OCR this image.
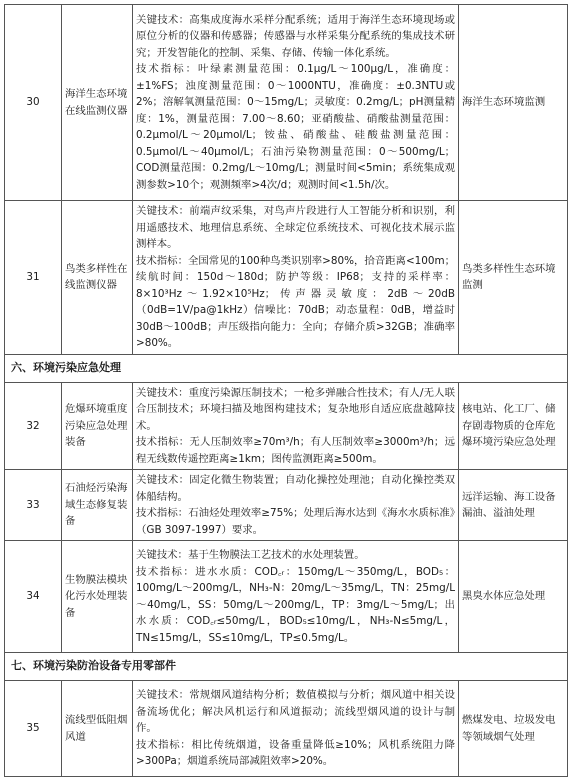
30	海洋生态环境在线监测仪器	关键技术：高集成度海水采样分配系统；适用于海洋生态环境现场或原位分析的仪器和传感器；传感器与水样采集分配系统的集成技术研究；开发智能化的控制、采集、存储、传输一体化系统。
技术指标：叶绿素测量范围：0.1μg/L～100μg/L，准确度：±1%FS；浊度测量范围：0～1000NTU，准确度：±0.3NTU或2%；溶解氧测量范围：0～15mg/L；灵敏度：0.2mg/L；pH测量精度：1%，测量范围：7.00～8.60；亚硝酸盐、硝酸盐测量范围：0.2μmol/L～20μmol/L；铵盐、硝酸盐、硅酸盐测量范围：0.5μmol/L～40μmol/L；石油污染物测量范围：0～500mg/L；COD测量范围：0.2mg/L～10mg/L；测量时间<5min；系统集成观测参数>10个；观测频率>4次/d；观测时间<1.5h/次。	海洋生态环境监测
31	鸟类多样性在线监测仪器	关键技术：前端声纹采集，对鸟声片段进行人工智能分析和识别，利用遥感技术、地理信息系统、全球定位系统技术、可视化技术展示监测样本。
技术指标：全国常见的100种鸟类识别率>80%，拾音距离<100m；续航时间：150d～180d；防护等级：IP68；支持的采样率：8×10³Hz～1.92×10⁵Hz；传声器灵敏度：2dB～20dB（0dB=1V/pa@1kHz）信噪比：70dB；动态量程：0dB，增益时30dB～100dB；声压级指向能力：全向；存储介质>32GB；准确率>80%。	鸟类多样性生态环境监测
六、环境污染应急处理			
32	危爆环境重度污染应急处理装备	关键技术：重度污染源压制技术；一枪多弹融合性技术；有人/无人联合压制技术；环境扫描及地图构建技术；复杂地形自适应底盘越障技术。
技术指标：无人压制效率≥70m³/h；有人压制效率≥3000m³/h；远程无线数传遥控距离≥1km；图传监测距离≥500m。	核电站、化工厂、储存剧毒物质的仓库危爆环境污染应急处理
33	石油烃污染海域生态修复装备	关键技术：固定化微生物装置；自动化操控处理池；自动化操控类双体船结构。
技术指标：石油烃处理效率≥75%；处理后海水达到《海水水质标准》（GB 3097-1997）要求。	远洋运输、海工设备漏油、溢油处理
34	生物膜法模块化污水处理装备	关键技术：基于生物膜法工艺技术的水处理装置。
技术指标：进水水质：COD꜀ᵣ：150mg/L～350mg/L，BOD₅：100mg/L～200mg/L，NH₃-N：20mg/L～35mg/L，TN：25mg/L～40mg/L，SS：50mg/L～200mg/L，TP：3mg/L～5mg/L；出水水质：COD꜀ᵣ≤50mg/L，BOD₅≤10mg/L，NH₃-N≤5mg/L，TN≤15mg/L，SS≤10mg/L，TP≤0.5mg/L。	黑臭水体应急处理
七、环境污染防治设备专用零部件			
35	流线型低阻烟风道	关键技术：常规烟风道结构分析；数值模拟与分析；烟风道中相关设备流场优化；解决风机运行和风道振动；流线型烟风道的设计与制作。
技术指标：相比传统烟道，设备重量降低≥10%；风机系统阻力降>300Pa；烟道系统局部减阻效率>20%。	燃煤发电、垃圾发电等领域烟气处理
